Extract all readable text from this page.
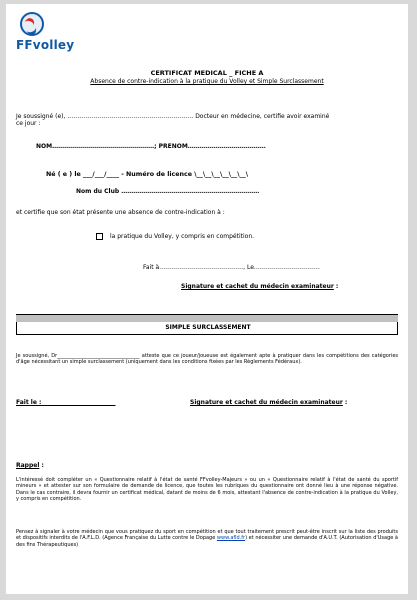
FFvolley
CERTIFICAT MEDICAL _ FICHE A
Absence de contre-indication à la pratique du Volley et Simple Surclassement
Je soussigné (e), ……………………………………………………… Docteur en médecine, certifie avoir examiné
ce jour :
NOM……………………………………………; PRENOM…………………………………
Né ( e ) le ___/___/____ - Numéro de licence \__\__\__\__\__\__\
Nom du Club ……………………………………………………………
et certifie que son état présente une absence de contre-indication à :
la pratique du Volley, y compris en compétition.
Fait à……………………………………, Le……………………………
Signature et cachet du médecin examinateur :
SIMPLE SURCLASSEMENT
Je soussigné, Dr_________________________________ atteste que ce joueur/joueuse est également apte à pratiquer dans les compétitions des catégories d'âge nécessitant un simple surclassement (uniquement dans les conditions fixées par les Règlements Fédéraux).
Fait le : ________________________	Signature et cachet du médecin examinateur :
Rappel :
L'intéressé doit compléter un « Questionnaire relatif à l'état de santé FFvolley-Majeurs » ou un « Questionnaire relatif à l'état de santé du sportif mineurs » et attester sur son formulaire de demande de licence, que toutes les rubriques du questionnaire ont donné lieu à une réponse négative. Dans le cas contraire, il devra fournir un certificat médical, datant de moins de 6 mois, attestant l'absence de contre-indication à la pratique du Volley, y compris en compétition.
Pensez à signaler à votre médecin que vous pratiquez du sport en compétition et que tout traitement prescrit peut-être inscrit sur la liste des produits et dispositifs interdits de l'A.F.L.D. (Agence Française du Lutte contre le Dopage www.afld.fr) et nécessiter une demande d'A.U.T. (Autorisation d'Usage à des fins Thérapeutiques)
